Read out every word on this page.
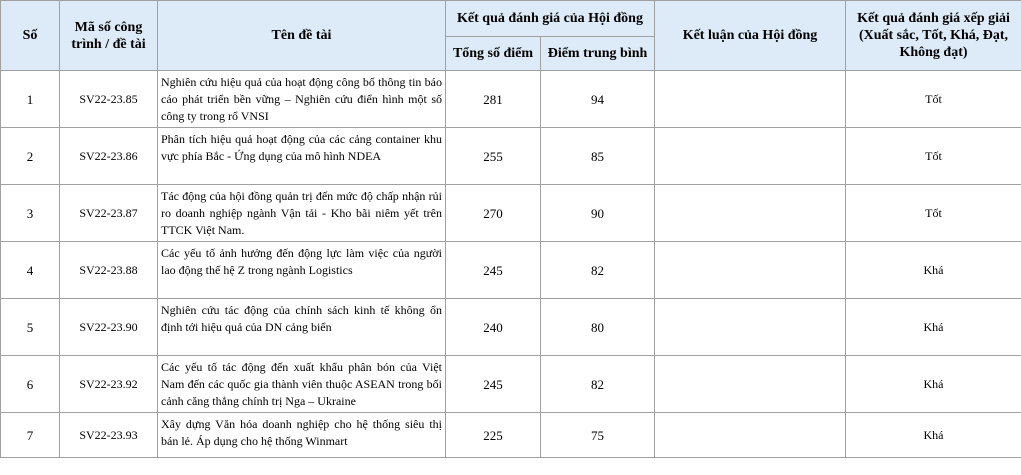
Số	Mã số công trình / đề tài	Tên đề tài	Kết quả đánh giá của Hội đồng		Kết luận của Hội đồng	Kết quả đánh giá xếp giải (Xuất sắc, Tốt, Khá, Đạt, Không đạt)
			Tổng số điểm	Điểm trung bình		
1	SV22-23.85	Nghiên cứu hiệu quả của hoạt động công bố thông tin báo cáo phát triển bền vững – Nghiên cứu điển hình một số công ty trong rổ VNSI	281	94		Tốt
2	SV22-23.86	Phân tích hiệu quả hoạt động của các cảng container khu vực phía Bắc - Ứng dụng của mô hình NDEA	255	85		Tốt
3	SV22-23.87	Tác động của hội đồng quản trị đến mức độ chấp nhận rủi ro doanh nghiệp ngành Vận tải - Kho bãi niêm yết trên TTCK Việt Nam.	270	90		Tốt
4	SV22-23.88	Các yếu tố ảnh hưởng đến động lực làm việc của người lao động thế hệ Z trong ngành Logistics	245	82		Khá
5	SV22-23.90	Nghiên cứu tác động của chính sách kinh tế không ổn định tới hiệu quả của DN cảng biển	240	80		Khá
6	SV22-23.92	Các yếu tố tác động đến xuất khẩu phân bón của Việt Nam đến các quốc gia thành viên thuộc ASEAN trong bối cảnh căng thẳng chính trị Nga – Ukraine	245	82		Khá
7	SV22-23.93	Xây dựng Văn hóa doanh nghiệp cho hệ thống siêu thị bán lẻ. Áp dụng cho hệ thống Winmart	225	75		Khá
